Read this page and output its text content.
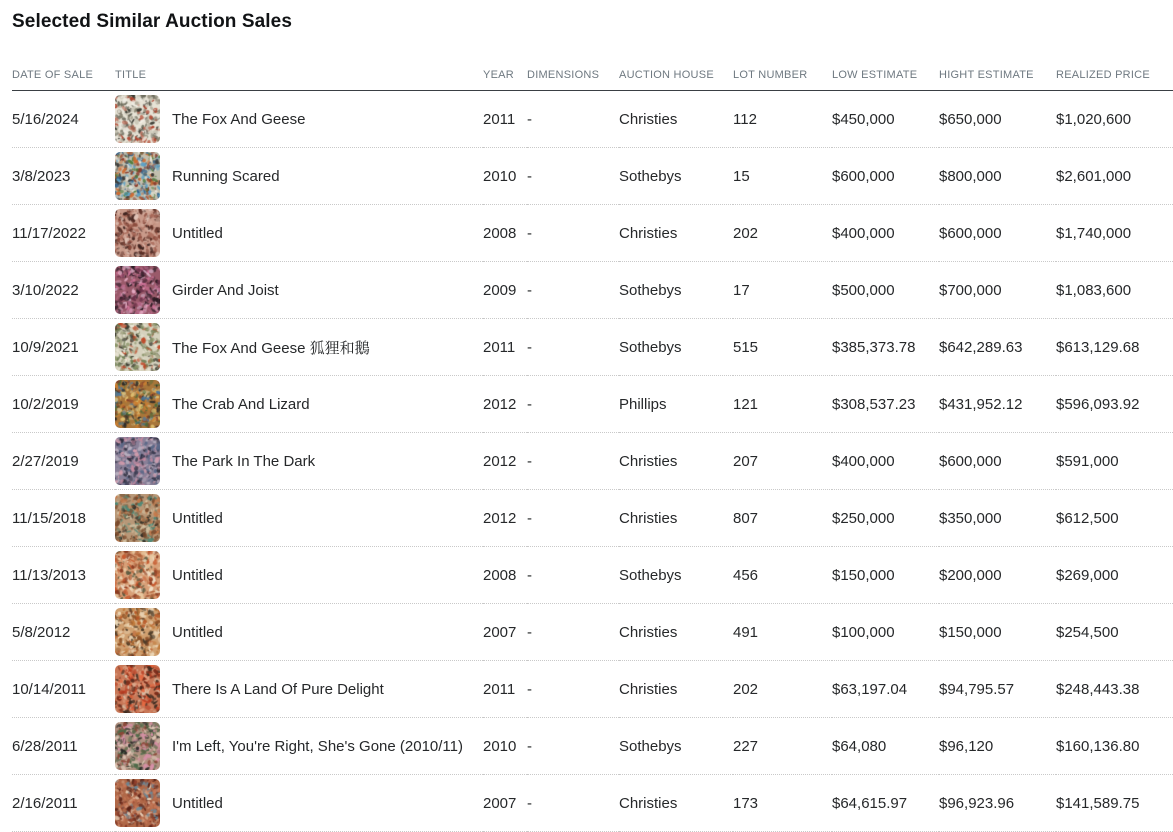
Selected Similar Auction Sales
DATE OF SALE	TITLE	YEAR	DIMENSIONS	AUCTION HOUSE	LOT NUMBER	LOW ESTIMATE	HIGHT ESTIMATE	REALIZED PRICE
5/16/2024	The Fox And Geese	2011	-	Christies	112	$450,000	$650,000	$1,020,600
3/8/2023	Running Scared	2010	-	Sothebys	15	$600,000	$800,000	$2,601,000
11/17/2022	Untitled	2008	-	Christies	202	$400,000	$600,000	$1,740,000
3/10/2022	Girder And Joist	2009	-	Sothebys	17	$500,000	$700,000	$1,083,600
10/9/2021	The Fox And Geese 狐狸和鵝	2011	-	Sothebys	515	$385,373.78	$642,289.63	$613,129.68
10/2/2019	The Crab And Lizard	2012	-	Phillips	121	$308,537.23	$431,952.12	$596,093.92
2/27/2019	The Park In The Dark	2012	-	Christies	207	$400,000	$600,000	$591,000
11/15/2018	Untitled	2012	-	Christies	807	$250,000	$350,000	$612,500
11/13/2013	Untitled	2008	-	Sothebys	456	$150,000	$200,000	$269,000
5/8/2012	Untitled	2007	-	Christies	491	$100,000	$150,000	$254,500
10/14/2011	There Is A Land Of Pure Delight	2011	-	Christies	202	$63,197.04	$94,795.57	$248,443.38
6/28/2011	I'm Left, You're Right, She's Gone (2010/11)	2010	-	Sothebys	227	$64,080	$96,120	$160,136.80
2/16/2011	Untitled	2007	-	Christies	173	$64,615.97	$96,923.96	$141,589.75
